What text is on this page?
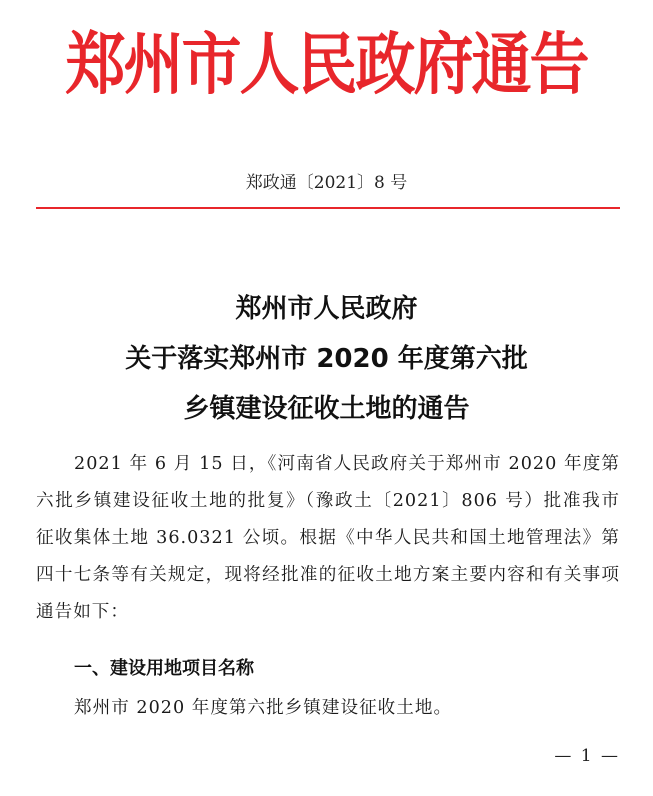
郑州市人民政府通告
郑政通〔2021〕8 号
郑州市人民政府
关于落实郑州市 2020 年度第六批
乡镇建设征收土地的通告

2021 年 6 月 15 日，《河南省人民政府关于郑州市 2020 年度第六批乡镇建设征收土地的批复》（豫政土〔2021〕806 号）批准我市征收集体土地 36.0321 公顷。根据《中华人民共和国土地管理法》第四十七条等有关规定，现将经批准的征收土地方案主要内容和有关事项通告如下：

一、建设用地项目名称

郑州市 2020 年度第六批乡镇建设征收土地。

— 1 —
